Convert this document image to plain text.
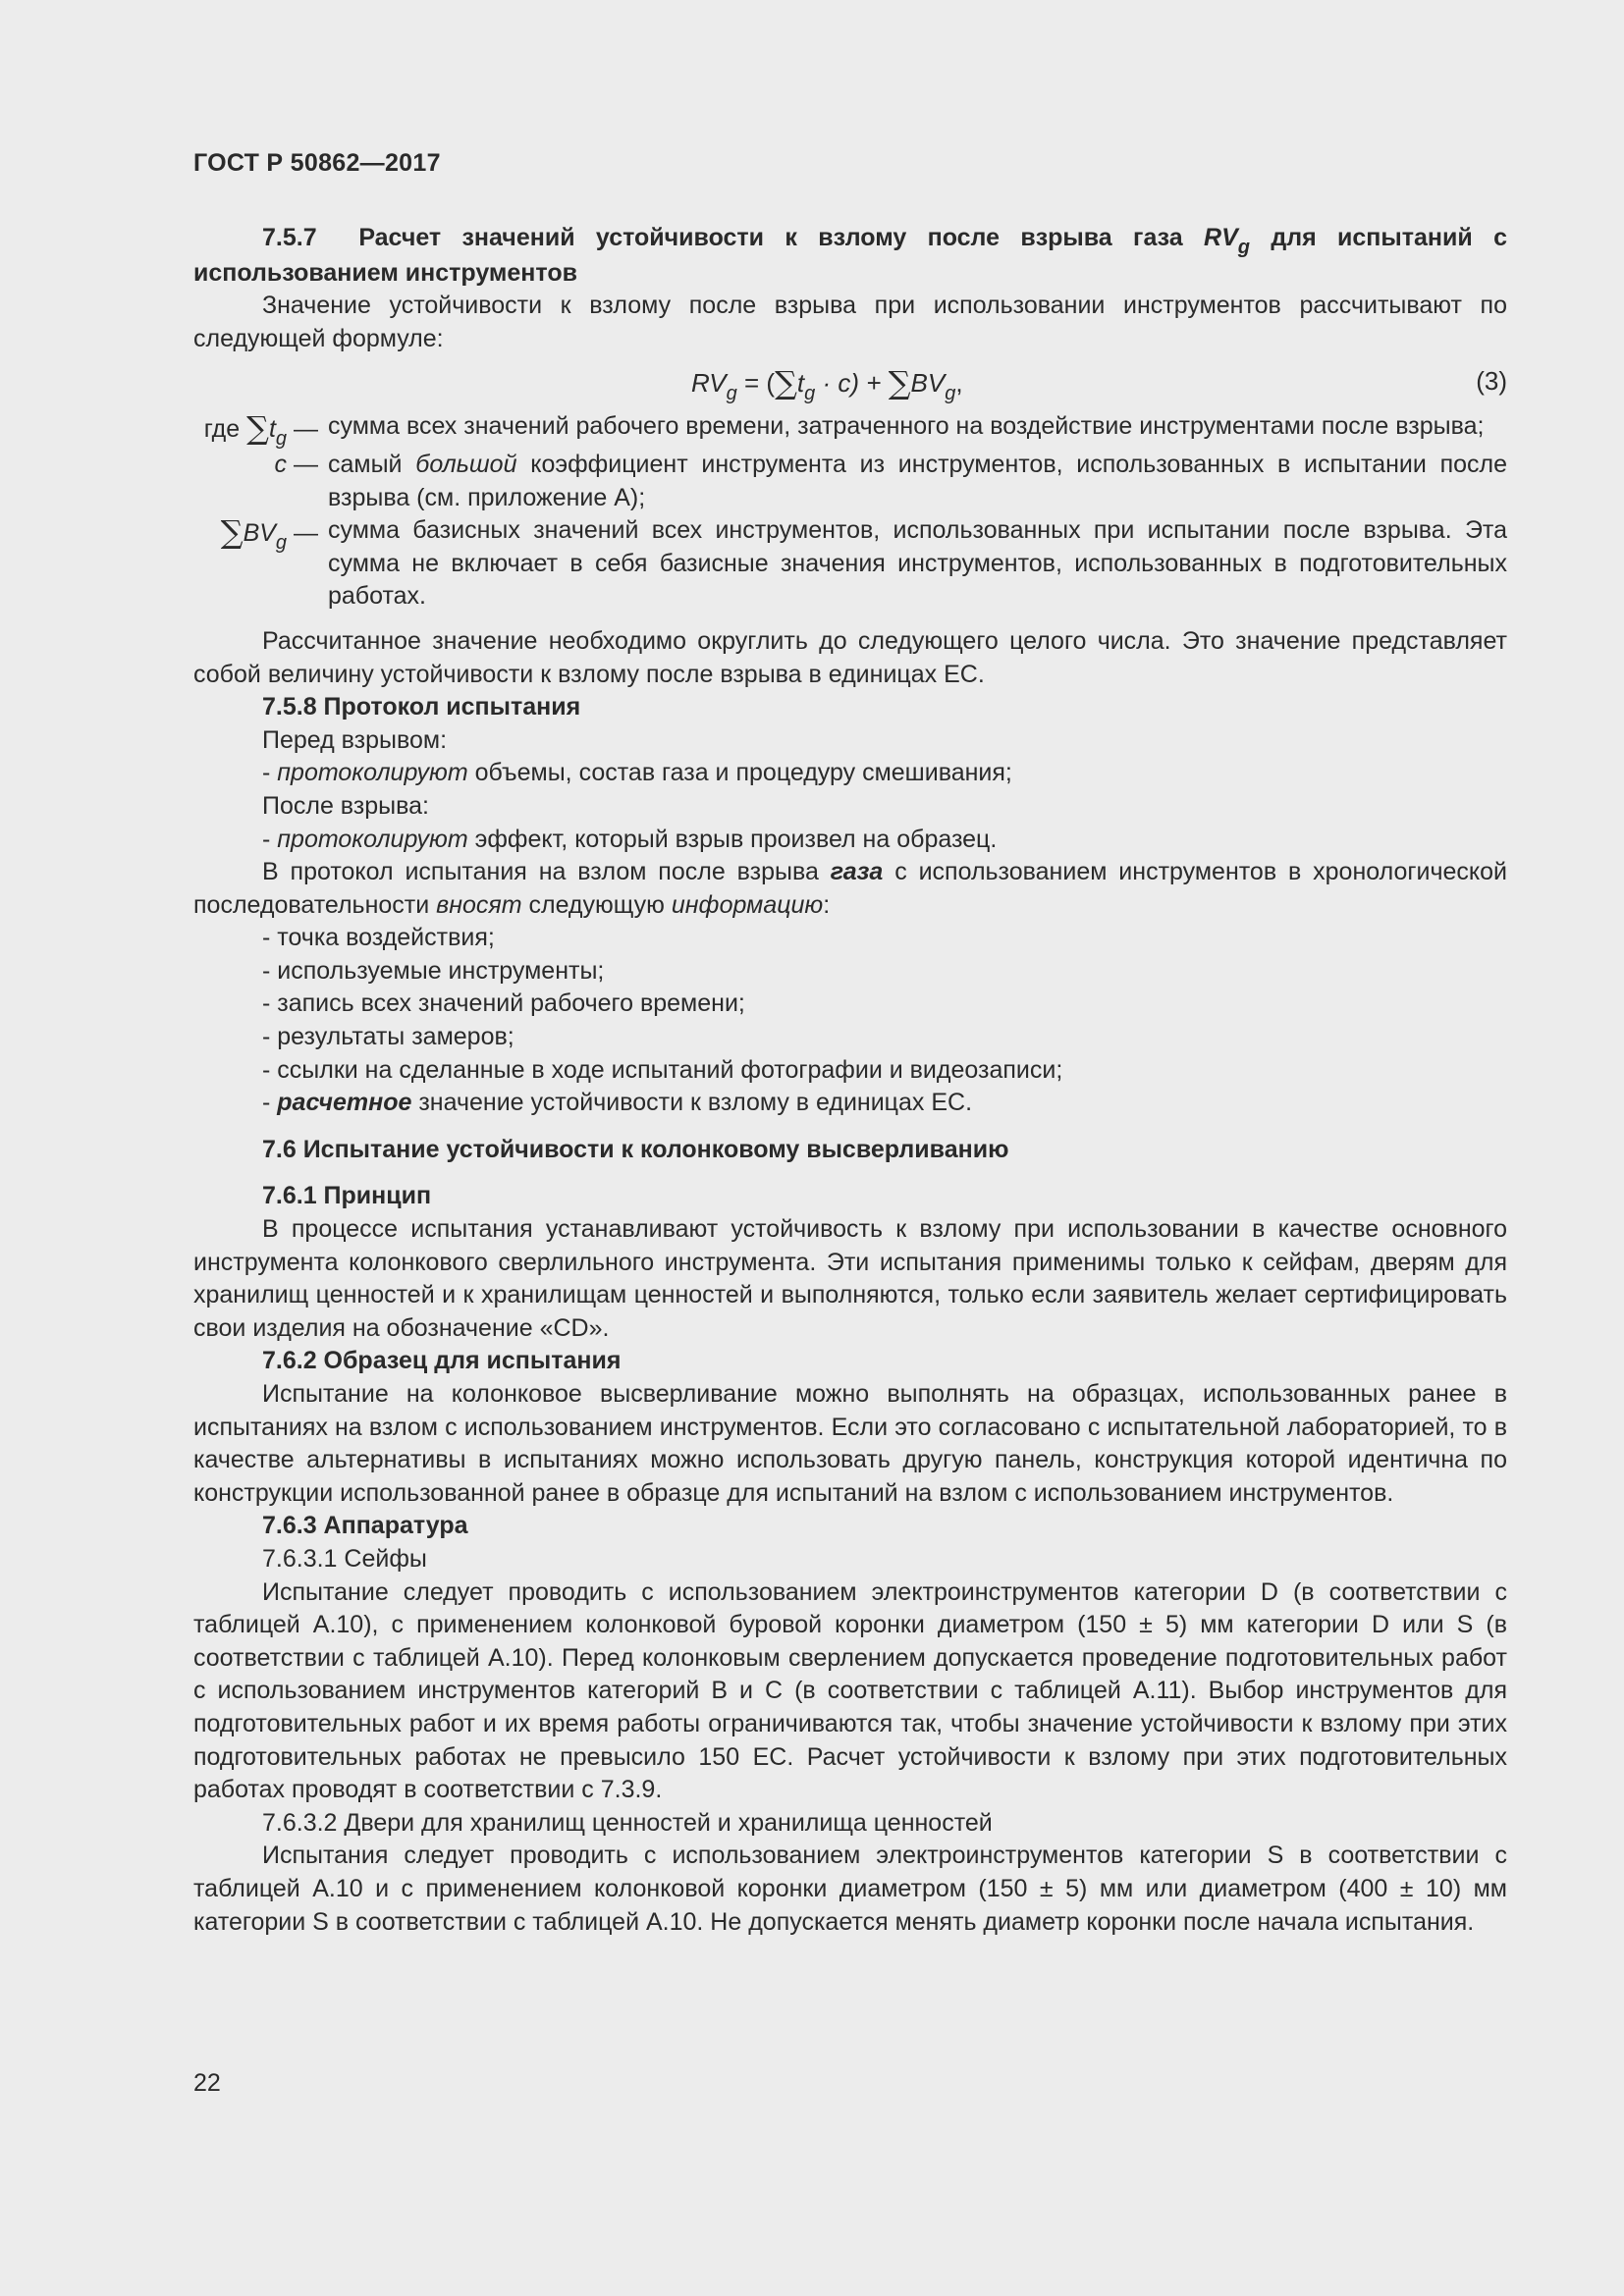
ГОСТ Р 50862—2017

7.5.7 Расчет значений устойчивости к взлому после взрыва газа $RV_g$ для испытаний с использованием инструментов

Значение устойчивости к взлому после взрыва при использовании инструментов рассчитывают по следующей формуле:

$RV_g = (\sum t_g \cdot c) + \sum BV_g$,	(3)
где $\sum t_g$ — сумма всех значений рабочего времени, затраченного на воздействие инструментами после взрыва;
c — самый большой коэффициент инструмента из инструментов, использованных в испытании после взрыва (см. приложение А);
$\sum BV_g$ — сумма базисных значений всех инструментов, использованных при испытании после взрыва. Эта сумма не включает в себя базисные значения инструментов, использованных в подготовительных работах.

Рассчитанное значение необходимо округлить до следующего целого числа. Это значение представляет собой величину устойчивости к взлому после взрыва в единицах ЕС.

7.5.8 Протокол испытания

Перед взрывом:

- протоколируют объемы, состав газа и процедуру смешивания;

После взрыва:

- протоколируют эффект, который взрыв произвел на образец.

В протокол испытания на взлом после взрыва газа с использованием инструментов в хронологической последовательности вносят следующую информацию:

- точка воздействия;

- используемые инструменты;

- запись всех значений рабочего времени;

- результаты замеров;

- ссылки на сделанные в ходе испытаний фотографии и видеозаписи;

- расчетное значение устойчивости к взлому в единицах ЕС.

7.6 Испытание устойчивости к колонковому высверливанию

7.6.1 Принцип

В процессе испытания устанавливают устойчивость к взлому при использовании в качестве основного инструмента колонкового сверлильного инструмента. Эти испытания применимы только к сейфам, дверям для хранилищ ценностей и к хранилищам ценностей и выполняются, только если заявитель желает сертифицировать свои изделия на обозначение «CD».

7.6.2 Образец для испытания

Испытание на колонковое высверливание можно выполнять на образцах, использованных ранее в испытаниях на взлом с использованием инструментов. Если это согласовано с испытательной лабораторией, то в качестве альтернативы в испытаниях можно использовать другую панель, конструкция которой идентична по конструкции использованной ранее в образце для испытаний на взлом с использованием инструментов.

7.6.3 Аппаратура

7.6.3.1 Сейфы

Испытание следует проводить с использованием электроинструментов категории D (в соответствии с таблицей А.10), с применением колонковой буровой коронки диаметром (150 ± 5) мм категории D или S (в соответствии с таблицей А.10). Перед колонковым сверлением допускается проведение подготовительных работ с использованием инструментов категорий В и С (в соответствии с таблицей А.11). Выбор инструментов для подготовительных работ и их время работы ограничиваются так, чтобы значение устойчивости к взлому при этих подготовительных работах не превысило 150 ЕС. Расчет устойчивости к взлому при этих подготовительных работах проводят в соответствии с 7.3.9.

7.6.3.2 Двери для хранилищ ценностей и хранилища ценностей

Испытания следует проводить с использованием электроинструментов категории S в соответствии с таблицей А.10 и с применением колонковой коронки диаметром (150 ± 5) мм или диаметром (400 ± 10) мм категории S в соответствии с таблицей А.10. Не допускается менять диаметр коронки после начала испытания.

22
